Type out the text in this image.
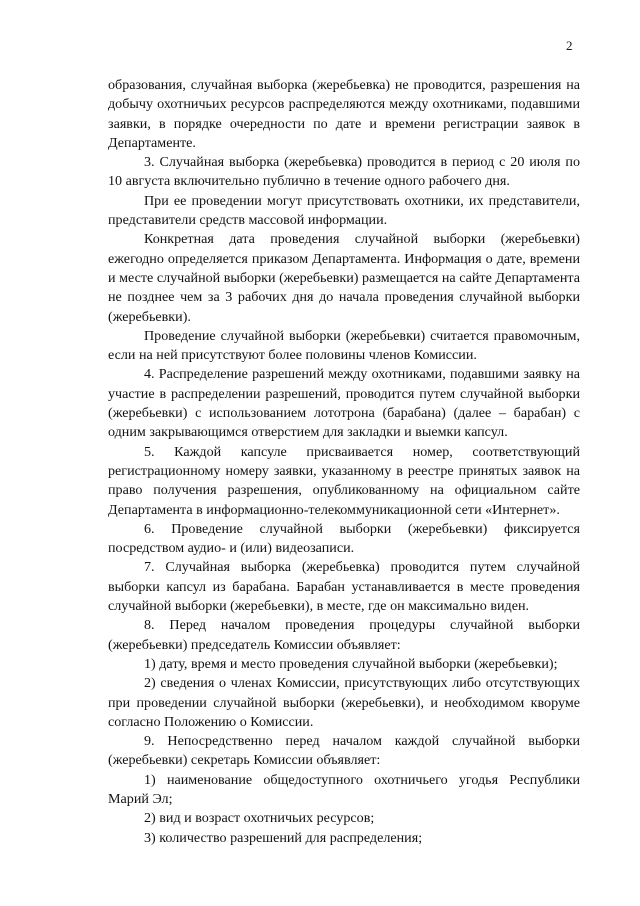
2

образования, случайная выборка (жеребьевка) не проводится, разрешения на добычу охотничьих ресурсов распределяются между охотниками, подавшими заявки, в порядке очередности по дате и времени регистрации заявок в Департаменте.

3. Случайная выборка (жеребьевка) проводится в период с 20 июля по 10 августа включительно публично в течение одного рабочего дня.

При ее проведении могут присутствовать охотники, их представители, представители средств массовой информации.

Конкретная дата проведения случайной выборки (жеребьевки) ежегодно определяется приказом Департамента. Информация о дате, времени и месте случайной выборки (жеребьевки) размещается на сайте Департамента не позднее чем за 3 рабочих дня до начала проведения случайной выборки (жеребьевки).

Проведение случайной выборки (жеребьевки) считается правомочным, если на ней присутствуют более половины членов Комиссии.

4. Распределение разрешений между охотниками, подавшими заявку на участие в распределении разрешений, проводится путем случайной выборки (жеребьевки) с использованием лототрона (барабана) (далее – барабан) с одним закрывающимся отверстием для закладки и выемки капсул.

5. Каждой капсуле присваивается номер, соответствующий регистрационному номеру заявки, указанному в реестре принятых заявок на право получения разрешения, опубликованному на официальном сайте Департамента в информационно-телекоммуникационной сети «Интернет».

6. Проведение случайной выборки (жеребьевки) фиксируется посредством аудио- и (или) видеозаписи.

7. Случайная выборка (жеребьевка) проводится путем случайной выборки капсул из барабана. Барабан устанавливается в месте проведения случайной выборки (жеребьевки), в месте, где он максимально виден.

8. Перед началом проведения процедуры случайной выборки (жеребьевки) председатель Комиссии объявляет:

1) дату, время и место проведения случайной выборки (жеребьевки);

2) сведения о членах Комиссии, присутствующих либо отсутствующих при проведении случайной выборки (жеребьевки), и необходимом кворуме согласно Положению о Комиссии.

9. Непосредственно перед началом каждой случайной выборки (жеребьевки) секретарь Комиссии объявляет:

1) наименование общедоступного охотничьего угодья Республики Марий Эл;

2) вид и возраст охотничьих ресурсов;

3) количество разрешений для распределения;
